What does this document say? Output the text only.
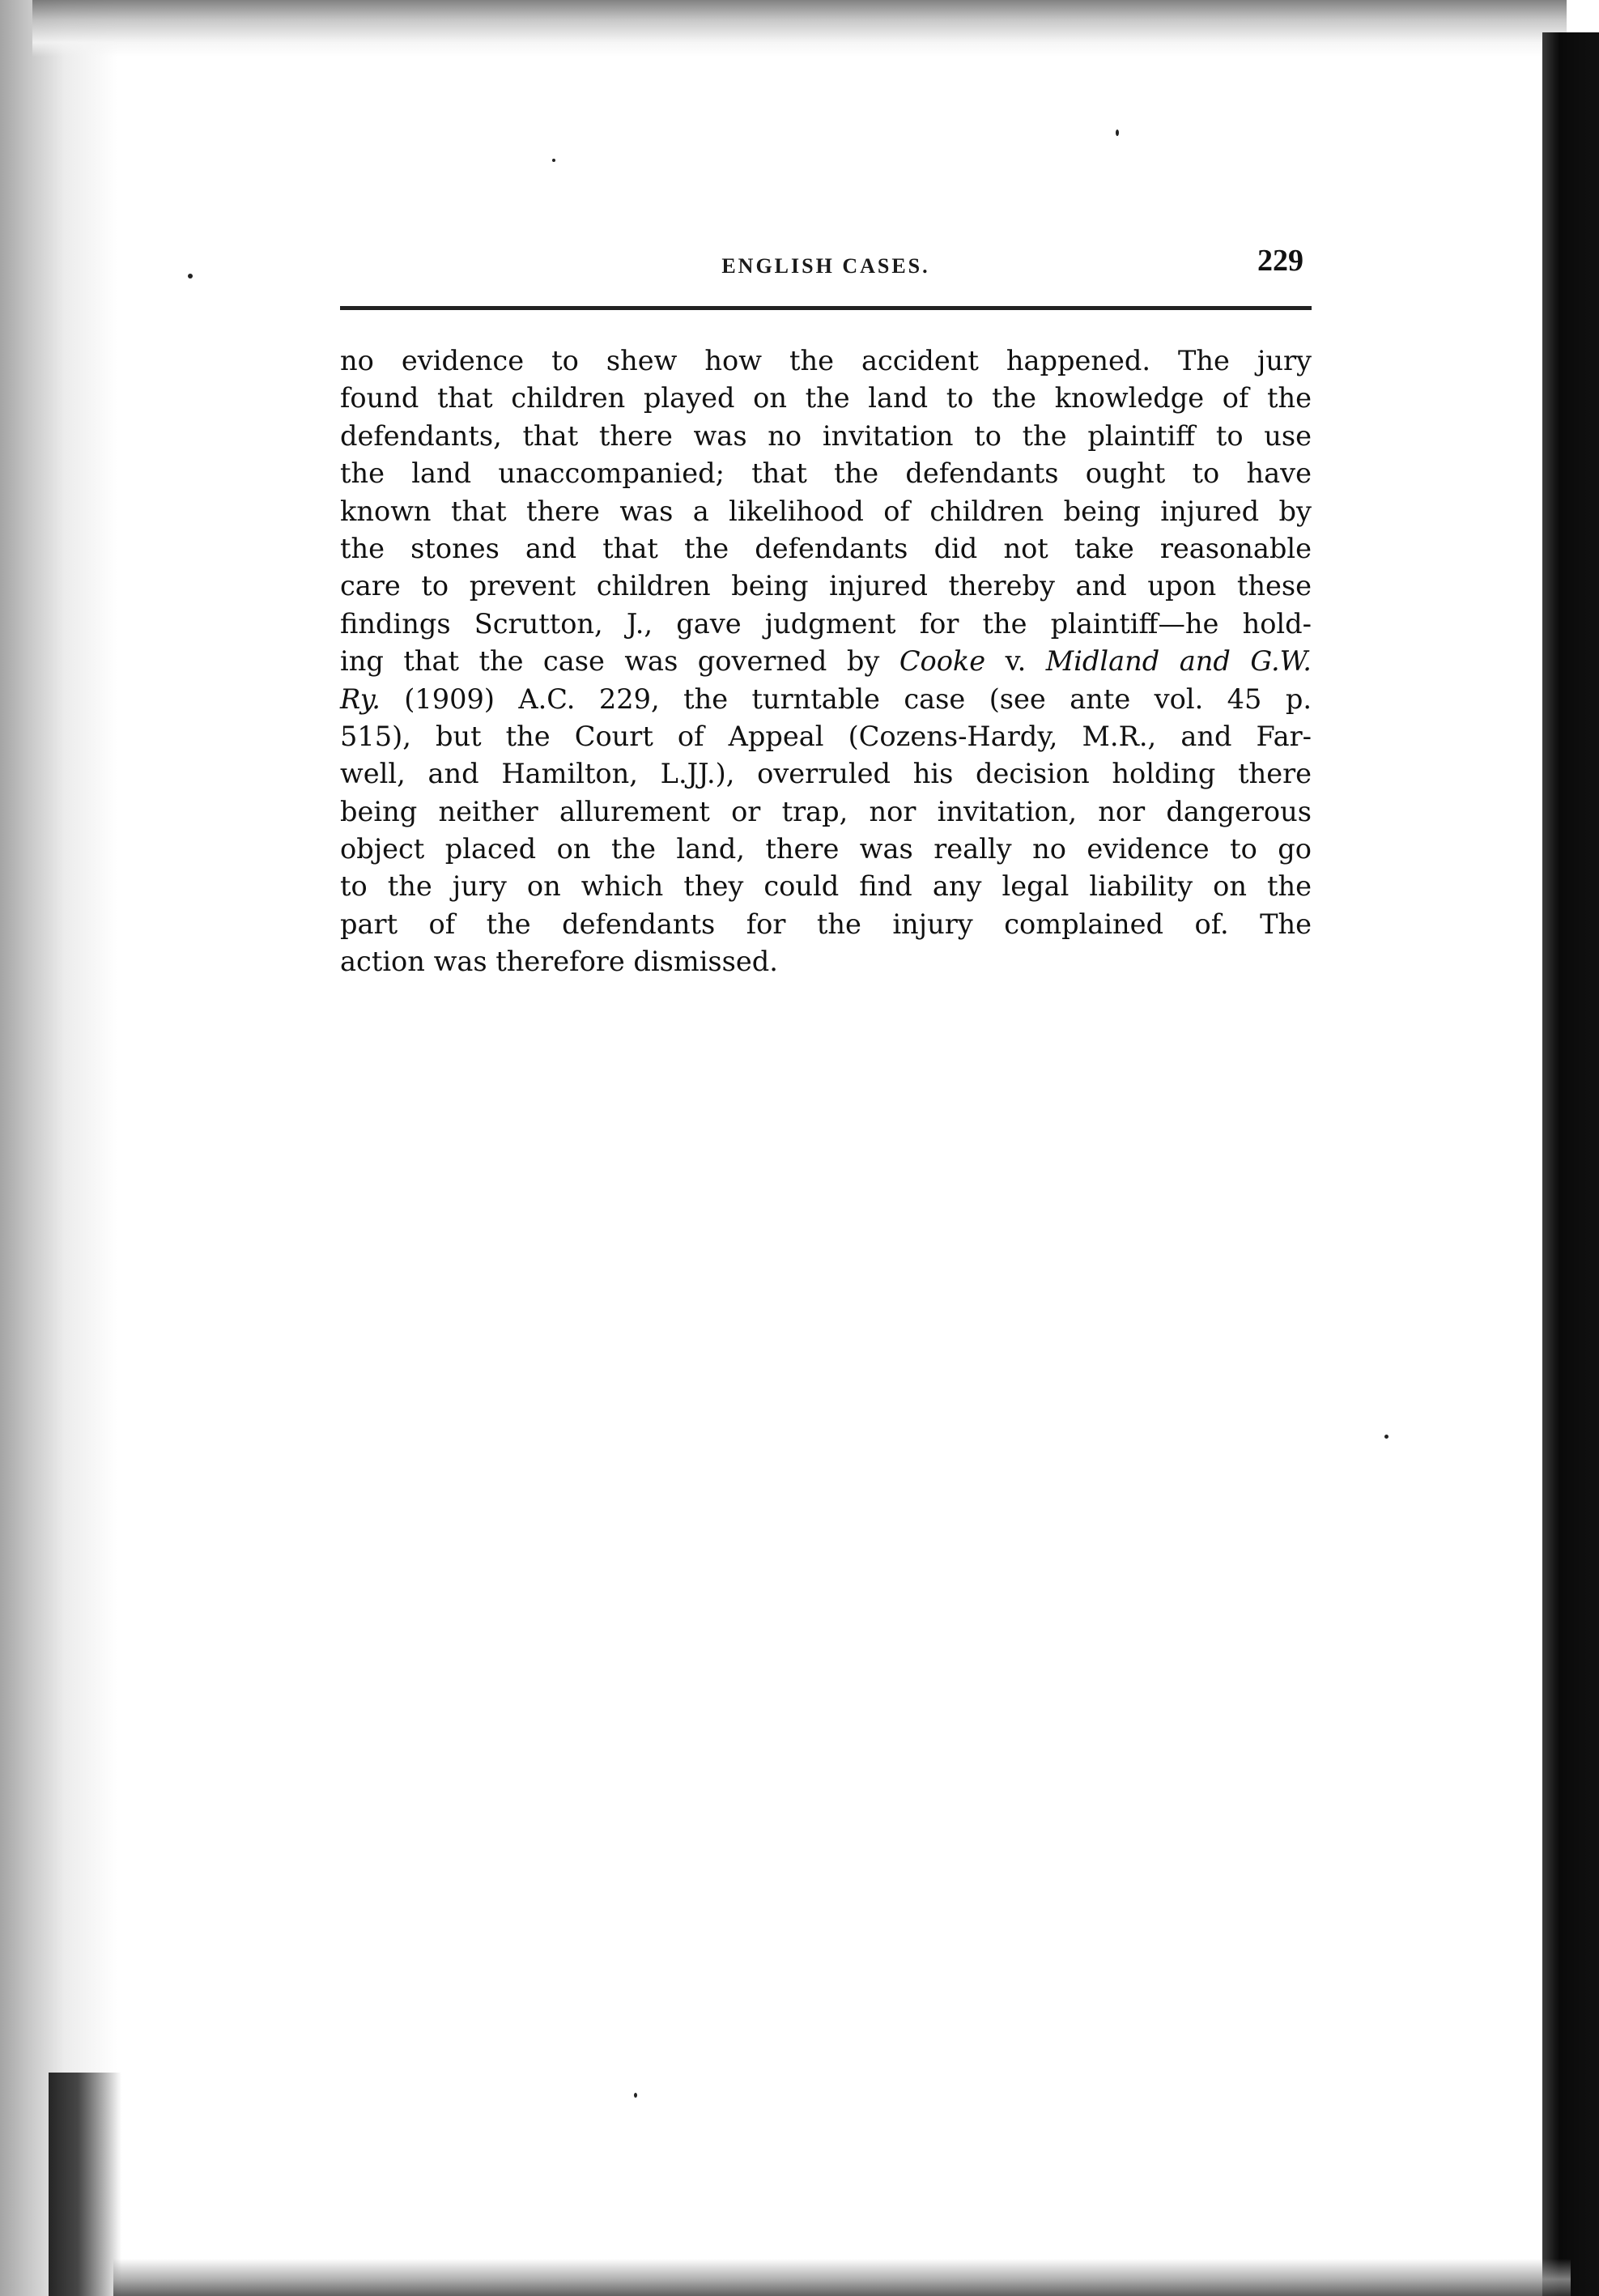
ENGLISH CASES.	229
no evidence to shew how the accident happened. The jury
found that children played on the land to the knowledge of the
defendants, that there was no invitation to the plaintiff to use
the land unaccompanied; that the defendants ought to have
known that there was a likelihood of children being injured by
the stones and that the defendants did not take reasonable
care to prevent children being injured thereby and upon these
findings Scrutton, J., gave judgment for the plaintiff—he hold-
ing that the case was governed by Cooke v. Midland and G.W.
Ry. (1909) A.C. 229, the turntable case (see ante vol. 45 p.
515), but the Court of Appeal (Cozens-Hardy, M.R., and Far-
well, and Hamilton, L.JJ.), overruled his decision holding there
being neither allurement or trap, nor invitation, nor dangerous
object placed on the land, there was really no evidence to go
to the jury on which they could find any legal liability on the
part of the defendants for the injury complained of. The
action was therefore dismissed.
